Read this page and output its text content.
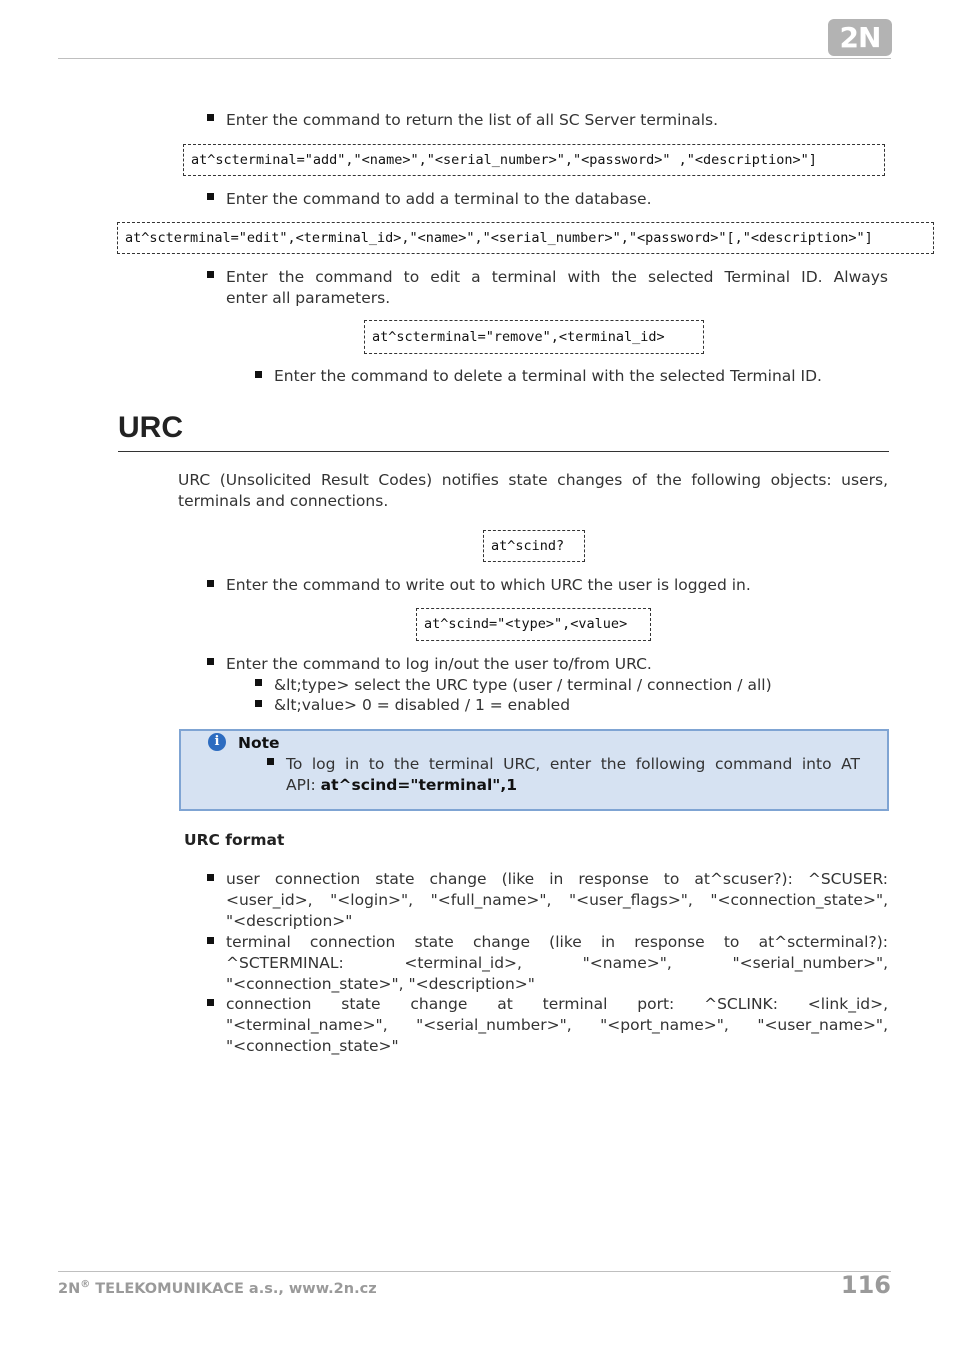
2N
Enter the command to return the list of all SC Server terminals.
at^scterminal="add","<name>","<serial_number>","<password>" ,"<description>"]
Enter the command to add a terminal to the database.
at^scterminal="edit",<terminal_id>,"<name>","<serial_number>","<password>"[,"<description>"]
Enter the command to edit a terminal with the selected Terminal ID. Always
enter all parameters.
at^scterminal="remove",<terminal_id>
Enter the command to delete a terminal with the selected Terminal ID.
URC
URC (Unsolicited Result Codes) notifies state changes of the following objects: users,
terminals and connections.
at^scind?
Enter the command to write out to which URC the user is logged in.
at^scind="<type>",<value>
Enter the command to log in/out the user to/from URC.
&lt;type> select the URC type (user / terminal / connection / all)
&lt;value> 0 = disabled / 1 = enabled
i	Note
To log in to the terminal URC, enter the following command into AT
API: at^scind="terminal",1
URC format
user connection state change (like in response to at^scuser?): ^SCUSER:
<user_id>, "<login>", "<full_name>", "<user_flags>", "<connection_state>",
"<description>"
terminal connection state change (like in response to at^scterminal?):
^SCTERMINAL: <terminal_id>, "<name>", "<serial_number>",
"<connection_state>", "<description>"
connection state change at terminal port: ^SCLINK: <link_id>,
"<terminal_name>", "<serial_number>", "<port_name>", "<user_name>",
"<connection_state>"
2N® TELEKOMUNIKACE a.s., www.2n.cz	116
